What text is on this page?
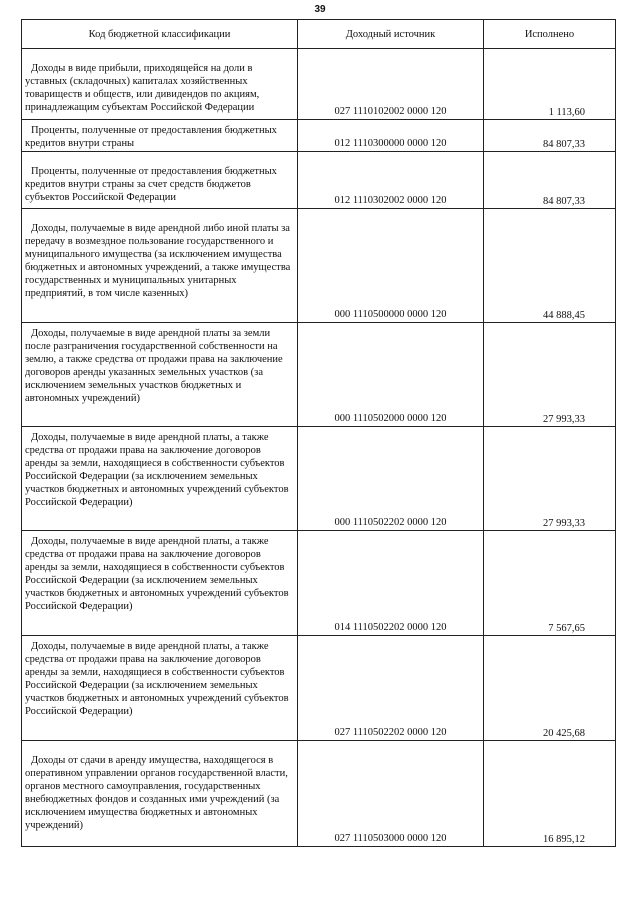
39
Код бюджетной классификации	Доходный источник	Исполнено

Доходы в виде прибыли, приходящейся на доли в уставных (складочных) капиталах хозяйственных товариществ и обществ, или дивидендов по акциям, принадлежащим субъектам Российской Федерации	027 1110102002 0000 120	1 113,60

Проценты, полученные от предоставления бюджетных кредитов внутри страны	012 1110300000 0000 120	84 807,33

Проценты, полученные от предоставления бюджетных кредитов внутри страны за счет средств бюджетов субъектов Российской Федерации	012 1110302002 0000 120	84 807,33

Доходы, получаемые в виде арендной либо иной платы за передачу в возмездное пользование государственного и муниципального имущества (за исключением имущества бюджетных и автономных учреждений, а также имущества государственных и муниципальных унитарных предприятий, в том числе казенных)	000 1110500000 0000 120	44 888,45

Доходы, получаемые в виде арендной платы за земли после разграничения государственной собственности на землю, а также средства от продажи права на заключение договоров аренды указанных земельных участков (за исключением земельных участков бюджетных и автономных учреждений)	000 1110502000 0000 120	27 993,33

Доходы, получаемые в виде арендной платы, а также средства от продажи права на заключение договоров аренды за земли, находящиеся в собственности субъектов Российской Федерации (за исключением земельных участков бюджетных и автономных учреждений субъектов Российской Федерации)	000 1110502202 0000 120	27 993,33

Доходы, получаемые в виде арендной платы, а также средства от продажи права на заключение договоров аренды за земли, находящиеся в собственности субъектов Российской Федерации (за исключением земельных участков бюджетных и автономных учреждений субъектов Российской Федерации)	014 1110502202 0000 120	7 567,65

Доходы, получаемые в виде арендной платы, а также средства от продажи права на заключение договоров аренды за земли, находящиеся в собственности субъектов Российской Федерации (за исключением земельных участков бюджетных и автономных учреждений субъектов Российской Федерации)	027 1110502202 0000 120	20 425,68

Доходы от сдачи в аренду имущества, находящегося в оперативном управлении органов государственной власти, органов местного самоуправления, государственных внебюджетных фондов и созданных ими учреждений (за исключением имущества бюджетных и автономных учреждений)	027 1110503000 0000 120	16 895,12
